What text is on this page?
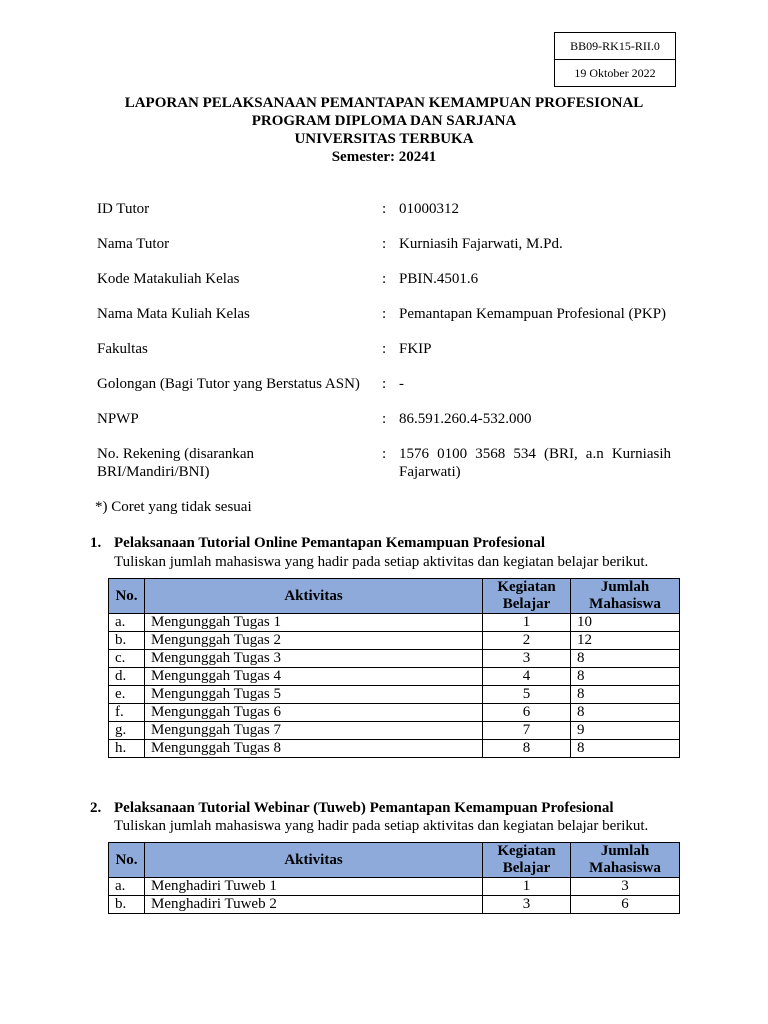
BB09-RK15-RII.0
19 Oktober 2022
LAPORAN PELAKSANAAN PEMANTAPAN KEMAMPUAN PROFESIONAL
PROGRAM DIPLOMA DAN SARJANA
UNIVERSITAS TERBUKA
Semester: 20241
ID Tutor	: 01000312
Nama Tutor	: Kurniasih Fajarwati, M.Pd.
Kode Matakuliah Kelas	: PBIN.4501.6
Nama Mata Kuliah Kelas	: Pemantapan Kemampuan Profesional (PKP)
Fakultas	: FKIP
Golongan (Bagi Tutor yang Berstatus ASN)	: -
NPWP	: 86.591.260.4-532.000
No. Rekening (disarankan BRI/Mandiri/BNI)
: 1576 0100 3568 534 (BRI, a.n Kurniasih Fajarwati)
*) Coret yang tidak sesuai
1. Pelaksanaan Tutorial Online Pemantapan Kemampuan Profesional
Tuliskan jumlah mahasiswa yang hadir pada setiap aktivitas dan kegiatan belajar berikut.
No.	Aktivitas	Kegiatan Belajar	Jumlah Mahasiswa
a.	Mengunggah Tugas 1	1	10
b.	Mengunggah Tugas 2	2	12
c.	Mengunggah Tugas 3	3	8
d.	Mengunggah Tugas 4	4	8
e.	Mengunggah Tugas 5	5	8
f.	Mengunggah Tugas 6	6	8
g.	Mengunggah Tugas 7	7	9
h.	Mengunggah Tugas 8	8	8
2. Pelaksanaan Tutorial Webinar (Tuweb) Pemantapan Kemampuan Profesional
Tuliskan jumlah mahasiswa yang hadir pada setiap aktivitas dan kegiatan belajar berikut.
No.	Aktivitas	Kegiatan Belajar	Jumlah Mahasiswa
a.	Menghadiri Tuweb 1	1	3
b.	Menghadiri Tuweb 2	3	6
